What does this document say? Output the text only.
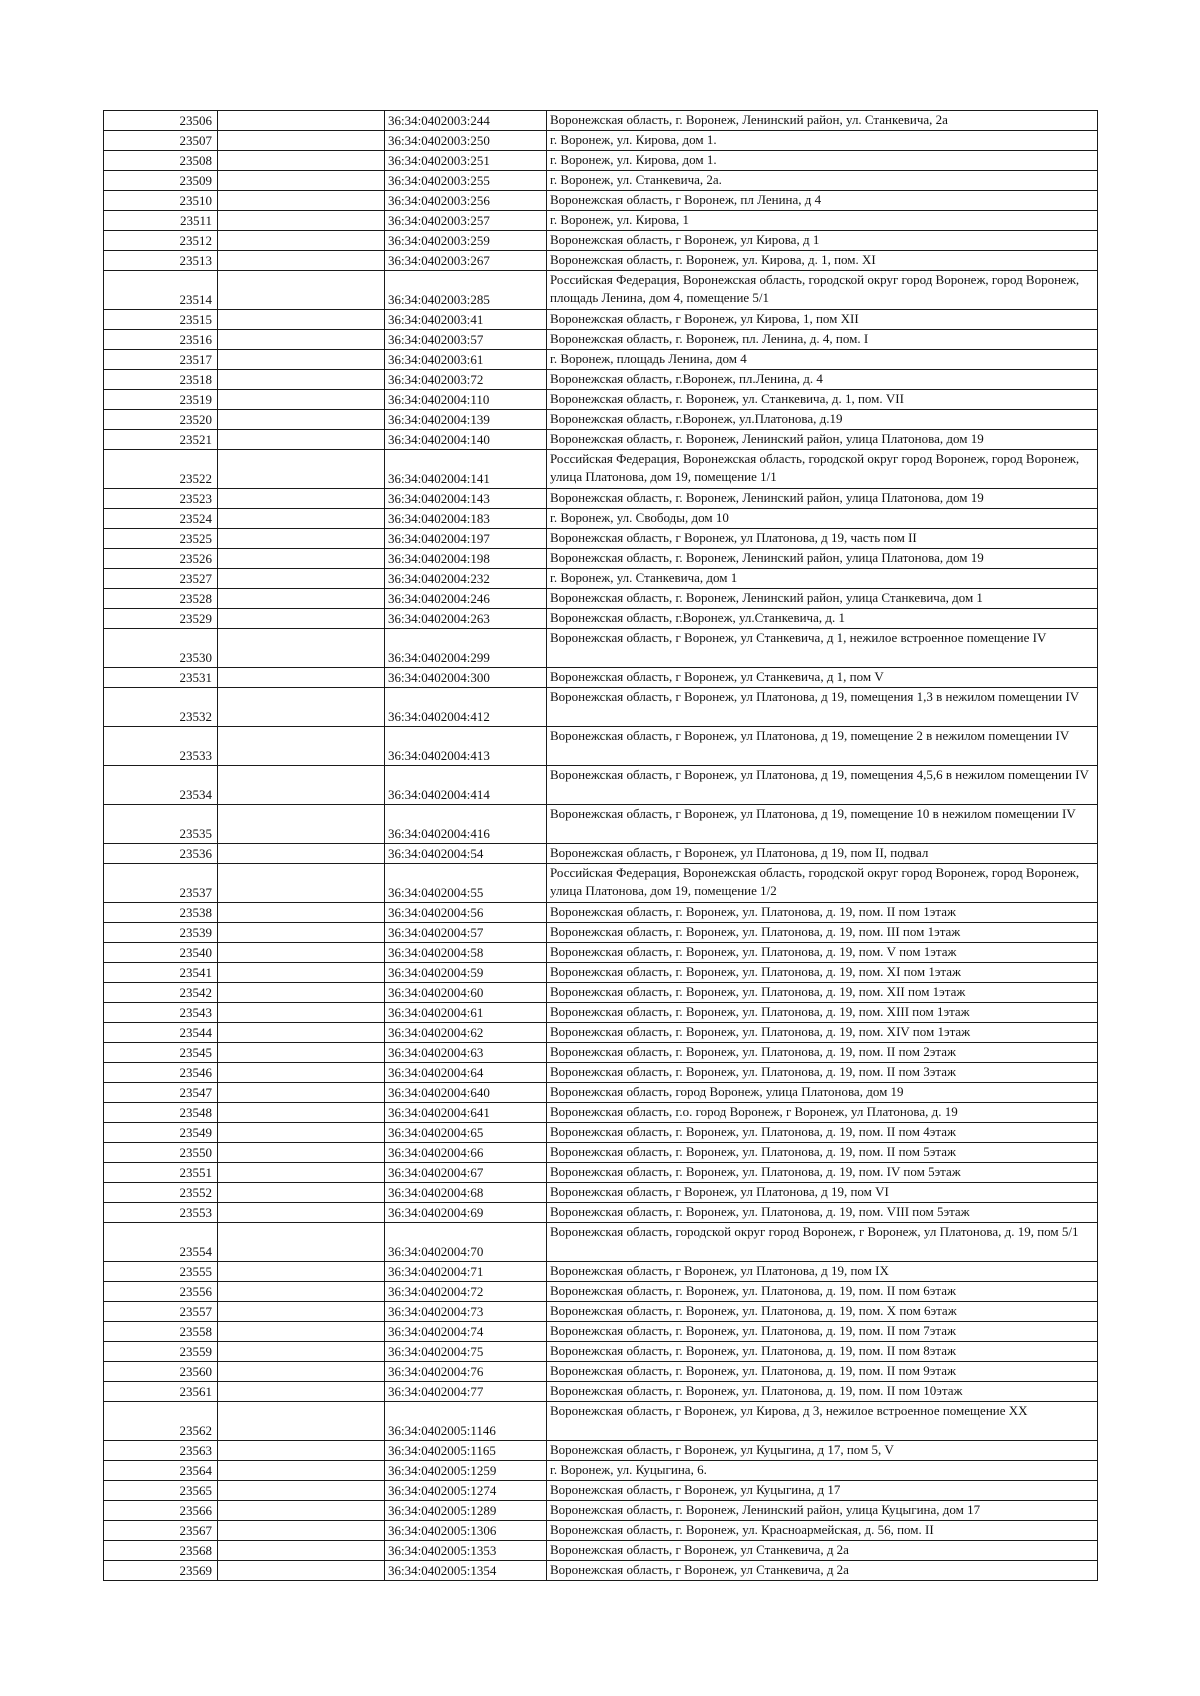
23506		36:34:0402003:244	Воронежская область, г. Воронеж, Ленинский район, ул. Станкевича, 2а
23507		36:34:0402003:250	г. Воронеж, ул. Кирова, дом 1.
23508		36:34:0402003:251	г. Воронеж, ул. Кирова, дом 1.
23509		36:34:0402003:255	г. Воронеж, ул. Станкевича, 2а.
23510		36:34:0402003:256	Воронежская область, г Воронеж, пл Ленина, д 4
23511		36:34:0402003:257	г. Воронеж, ул. Кирова, 1
23512		36:34:0402003:259	Воронежская область, г Воронеж, ул Кирова, д 1
23513		36:34:0402003:267	Воронежская область, г. Воронеж, ул. Кирова, д. 1, пом. XI
23514		36:34:0402003:285	Российская Федерация, Воронежская область, городской округ город Воронеж, город Воронеж, площадь Ленина, дом 4, помещение 5/1
23515		36:34:0402003:41	Воронежская область, г Воронеж, ул Кирова, 1, пом XII
23516		36:34:0402003:57	Воронежская область, г. Воронеж, пл. Ленина, д. 4, пом. I
23517		36:34:0402003:61	г. Воронеж, площадь Ленина, дом 4
23518		36:34:0402003:72	Воронежская область, г.Воронеж, пл.Ленина, д. 4
23519		36:34:0402004:110	Воронежская область, г. Воронеж, ул. Станкевича, д. 1, пом. VII
23520		36:34:0402004:139	Воронежская область, г.Воронеж, ул.Платонова, д.19
23521		36:34:0402004:140	Воронежская область, г. Воронеж, Ленинский район, улица Платонова, дом 19
23522		36:34:0402004:141	Российская Федерация, Воронежская область, городской округ город Воронеж, город Воронеж, улица Платонова, дом 19, помещение 1/1
23523		36:34:0402004:143	Воронежская область, г. Воронеж, Ленинский район, улица Платонова, дом 19
23524		36:34:0402004:183	г. Воронеж, ул. Свободы, дом 10
23525		36:34:0402004:197	Воронежская область, г Воронеж, ул Платонова, д 19, часть пом II
23526		36:34:0402004:198	Воронежская область, г. Воронеж, Ленинский район, улица Платонова, дом 19
23527		36:34:0402004:232	г. Воронеж, ул. Станкевича, дом 1
23528		36:34:0402004:246	Воронежская область, г. Воронеж, Ленинский район, улица Станкевича, дом 1
23529		36:34:0402004:263	Воронежская область, г.Воронеж, ул.Станкевича, д. 1
23530		36:34:0402004:299	Воронежская область, г Воронеж, ул Станкевича, д 1, нежилое встроенное помещение IV
23531		36:34:0402004:300	Воронежская область, г Воронеж, ул Станкевича, д 1, пом V
23532		36:34:0402004:412	Воронежская область, г Воронеж, ул Платонова, д 19, помещения 1,3 в нежилом помещении IV
23533		36:34:0402004:413	Воронежская область, г Воронеж, ул Платонова, д 19, помещение 2 в нежилом помещении IV
23534		36:34:0402004:414	Воронежская область, г Воронеж, ул Платонова, д 19, помещения 4,5,6 в нежилом помещении IV
23535		36:34:0402004:416	Воронежская область, г Воронеж, ул Платонова, д 19, помещение 10 в нежилом помещении IV
23536		36:34:0402004:54	Воронежская область, г Воронеж, ул Платонова, д 19, пом II, подвал
23537		36:34:0402004:55	Российская Федерация, Воронежская область, городской округ город Воронеж, город Воронеж, улица Платонова, дом 19, помещение 1/2
23538		36:34:0402004:56	Воронежская область, г. Воронеж, ул. Платонова, д. 19, пом. II пом 1этаж
23539		36:34:0402004:57	Воронежская область, г. Воронеж, ул. Платонова, д. 19, пом. III пом 1этаж
23540		36:34:0402004:58	Воронежская область, г. Воронеж, ул. Платонова, д. 19, пом. V пом 1этаж
23541		36:34:0402004:59	Воронежская область, г. Воронеж, ул. Платонова, д. 19, пом. XI пом 1этаж
23542		36:34:0402004:60	Воронежская область, г. Воронеж, ул. Платонова, д. 19, пом. XII пом 1этаж
23543		36:34:0402004:61	Воронежская область, г. Воронеж, ул. Платонова, д. 19, пом. XIII пом 1этаж
23544		36:34:0402004:62	Воронежская область, г. Воронеж, ул. Платонова, д. 19, пом. XIV пом 1этаж
23545		36:34:0402004:63	Воронежская область, г. Воронеж, ул. Платонова, д. 19, пом. II пом 2этаж
23546		36:34:0402004:64	Воронежская область, г. Воронеж, ул. Платонова, д. 19, пом. II пом 3этаж
23547		36:34:0402004:640	Воронежская область, город Воронеж, улица Платонова, дом 19
23548		36:34:0402004:641	Воронежская область, г.о. город Воронеж, г Воронеж, ул Платонова, д. 19
23549		36:34:0402004:65	Воронежская область, г. Воронеж, ул. Платонова, д. 19, пом. II пом 4этаж
23550		36:34:0402004:66	Воронежская область, г. Воронеж, ул. Платонова, д. 19, пом. II пом 5этаж
23551		36:34:0402004:67	Воронежская область, г. Воронеж, ул. Платонова, д. 19, пом. IV пом 5этаж
23552		36:34:0402004:68	Воронежская область, г Воронеж, ул Платонова, д 19, пом VI
23553		36:34:0402004:69	Воронежская область, г. Воронеж, ул. Платонова, д. 19, пом. VIII пом 5этаж
23554		36:34:0402004:70	Воронежская область, городской округ город Воронеж, г Воронеж, ул Платонова, д. 19, пом 5/1
23555		36:34:0402004:71	Воронежская область, г Воронеж, ул Платонова, д 19, пом IX
23556		36:34:0402004:72	Воронежская область, г. Воронеж, ул. Платонова, д. 19, пом. II пом 6этаж
23557		36:34:0402004:73	Воронежская область, г. Воронеж, ул. Платонова, д. 19, пом. X пом 6этаж
23558		36:34:0402004:74	Воронежская область, г. Воронеж, ул. Платонова, д. 19, пом. II пом 7этаж
23559		36:34:0402004:75	Воронежская область, г. Воронеж, ул. Платонова, д. 19, пом. II пом 8этаж
23560		36:34:0402004:76	Воронежская область, г. Воронеж, ул. Платонова, д. 19, пом. II пом 9этаж
23561		36:34:0402004:77	Воронежская область, г. Воронеж, ул. Платонова, д. 19, пом. II пом 10этаж
23562		36:34:0402005:1146	Воронежская область, г Воронеж, ул Кирова, д 3, нежилое встроенное помещение XX
23563		36:34:0402005:1165	Воронежская область, г Воронеж, ул Куцыгина, д 17, пом 5, V
23564		36:34:0402005:1259	г. Воронеж, ул. Куцыгина, 6.
23565		36:34:0402005:1274	Воронежская область, г Воронеж, ул Куцыгина, д 17
23566		36:34:0402005:1289	Воронежская область, г. Воронеж, Ленинский район, улица Куцыгина, дом 17
23567		36:34:0402005:1306	Воронежская область, г. Воронеж, ул. Красноармейская, д. 56, пом. II
23568		36:34:0402005:1353	Воронежская область, г Воронеж, ул Станкевича, д 2а
23569		36:34:0402005:1354	Воронежская область, г Воронеж, ул Станкевича, д 2а
